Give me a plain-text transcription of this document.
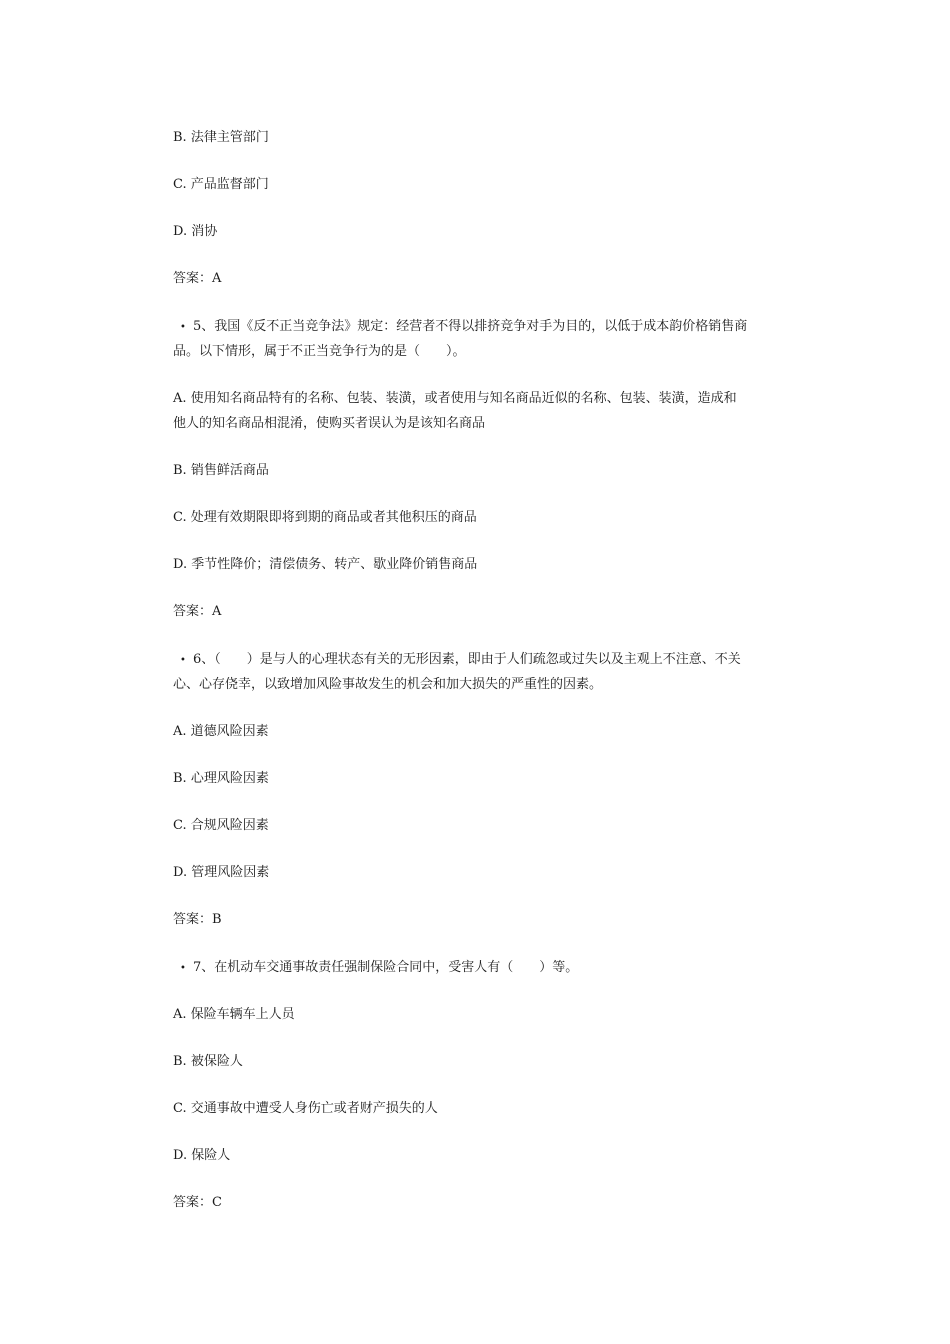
B. 法律主管部门
C. 产品监督部门
D. 消协
答案：A
• 5、我国《反不正当竞争法》规定：经营者不得以排挤竞争对手为目的，以低于成本韵价格销售商
品。以下情形，属于不正当竞争行为的是（　　）。
A. 使用知名商品特有的名称、包装、装潢，或者使用与知名商品近似的名称、包装、装潢，造成和
他人的知名商品相混淆，使购买者误认为是该知名商品
B. 销售鲜活商品
C. 处理有效期限即将到期的商品或者其他积压的商品
D. 季节性降价；清偿债务、转产、歇业降价销售商品
答案：A
• 6、（　　）是与人的心理状态有关的无形因素，即由于人们疏忽或过失以及主观上不注意、不关
心、心存侥幸，以致增加风险事故发生的机会和加大损失的严重性的因素。
A. 道德风险因素
B. 心理风险因素
C. 合规风险因素
D. 管理风险因素
答案：B
• 7、在机动车交通事故责任强制保险合同中，受害人有（　　）等。
A. 保险车辆车上人员
B. 被保险人
C. 交通事故中遭受人身伤亡或者财产损失的人
D. 保险人
答案：C
